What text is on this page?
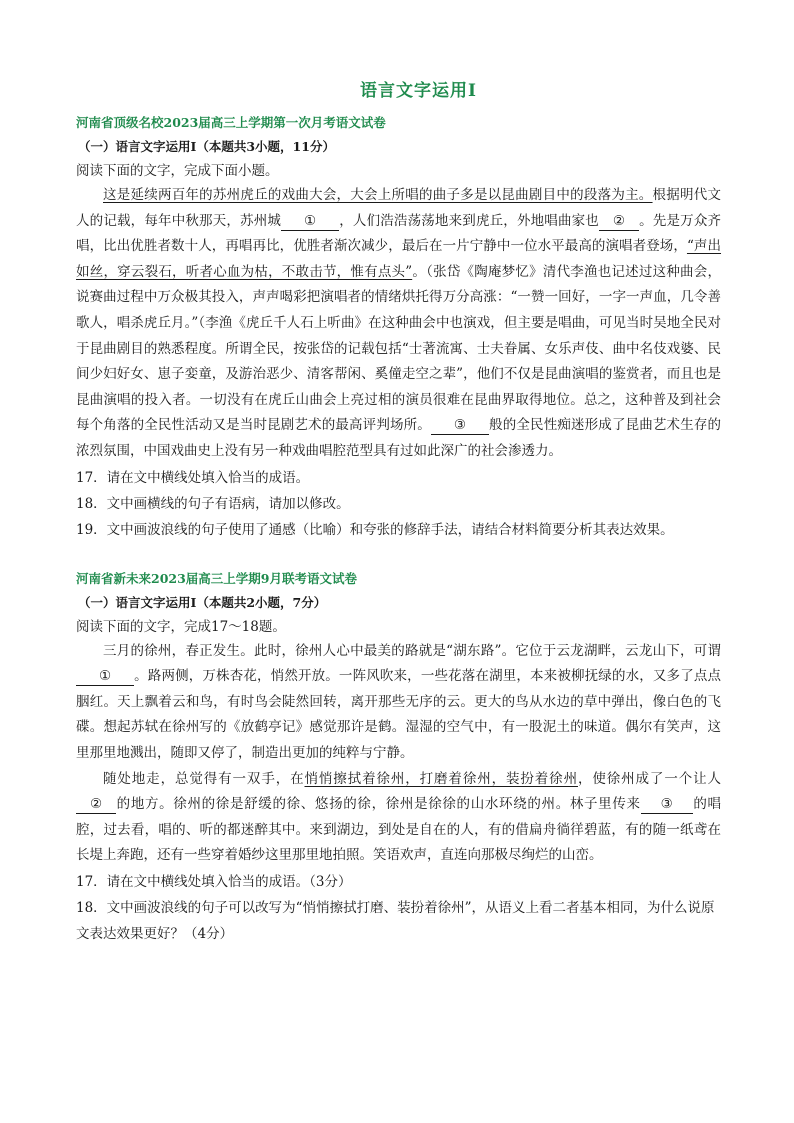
语言文字运用Ⅰ
河南省顶级名校2023届高三上学期第一次月考语文试卷
（一）语言文字运用Ⅰ（本题共3小题，11分）
阅读下面的文字，完成下面小题。

这是延续两百年的苏州虎丘的戏曲大会，大会上所唱的曲子多是以昆曲剧目中的段落为主。根据明代文人的记载，每年中秋那天，苏州城 ① ，人们浩浩荡荡地来到虎丘，外地唱曲家也 ② 。先是万众齐唱，比出优胜者数十人，再唱再比，优胜者渐次减少，最后在一片宁静中一位水平最高的演唱者登场，“声出如丝，穿云裂石，听者心血为枯，不敢击节，惟有点头”。（张岱《陶庵梦忆》清代李渔也记述过这种曲会，说赛曲过程中万众极其投入，声声喝彩把演唱者的情绪烘托得万分高涨：“一赞一回好，一字一声血，几令善歌人，唱杀虎丘月。”（李渔《虎丘千人石上听曲》在这种曲会中也演戏，但主要是唱曲，可见当时吴地全民对于昆曲剧目的熟悉程度。所谓全民，按张岱的记载包括“士著流寓、士夫眷属、女乐声伎、曲中名伎戏婆、民间少妇好女、崽子娈童，及游治恶少、清客帮闲、奚僮走空之辈”，他们不仅是昆曲演唱的鉴赏者，而且也是昆曲演唱的投入者。一切没有在虎丘山曲会上亮过相的演员很难在昆曲界取得地位。总之，这种普及到社会每个角落的全民性活动又是当时昆剧艺术的最高评判场所。 ③ 般的全民性痴迷形成了昆曲艺术生存的浓烈氛围，中国戏曲史上没有另一种戏曲唱腔范型具有过如此深广的社会渗透力。

17．请在文中横线处填入恰当的成语。
18．文中画横线的句子有语病，请加以修改。
19．文中画波浪线的句子使用了通感（比喻）和夸张的修辞手法，请结合材料简要分析其表达效果。
河南省新未来2023届高三上学期9月联考语文试卷
（一）语言文字运用Ⅰ（本题共2小题，7分）
阅读下面的文字，完成17～18题。

三月的徐州，春正发生。此时，徐州人心中最美的路就是“湖东路”。它位于云龙湖畔，云龙山下，可谓① 。路两侧，万株杏花，悄然开放。一阵风吹来，一些花落在湖里，本来被柳抚绿的水，又多了点点胭红。天上飘着云和鸟，有时鸟会陡然回转，离开那些无序的云。更大的鸟从水边的草中弹出，像白色的飞碟。想起苏轼在徐州写的《放鹤亭记》感觉那许是鹤。湿湿的空气中，有一股泥土的味道。偶尔有笑声，这里那里地溅出，随即又停了，制造出更加的纯粹与宁静。

随处地走，总觉得有一双手，在悄悄擦拭着徐州，打磨着徐州，装扮着徐州，使徐州成了一个让人② 的地方。徐州的徐是舒缓的徐、悠扬的徐，徐州是徐徐的山水环绕的州。林子里传来 ③ 的唱腔，过去看，唱的、听的都迷醉其中。来到湖边，到处是自在的人，有的借扁舟徜徉碧蓝，有的随一纸鸢在长堤上奔跑，还有一些穿着婚纱这里那里地拍照。笑语欢声，直连向那极尽绚烂的山峦。

17．请在文中横线处填入恰当的成语。（3分）
18．文中画波浪线的句子可以改写为“悄悄擦拭打磨、装扮着徐州”，从语义上看二者基本相同，为什么说原文表达效果更好？（4分）
